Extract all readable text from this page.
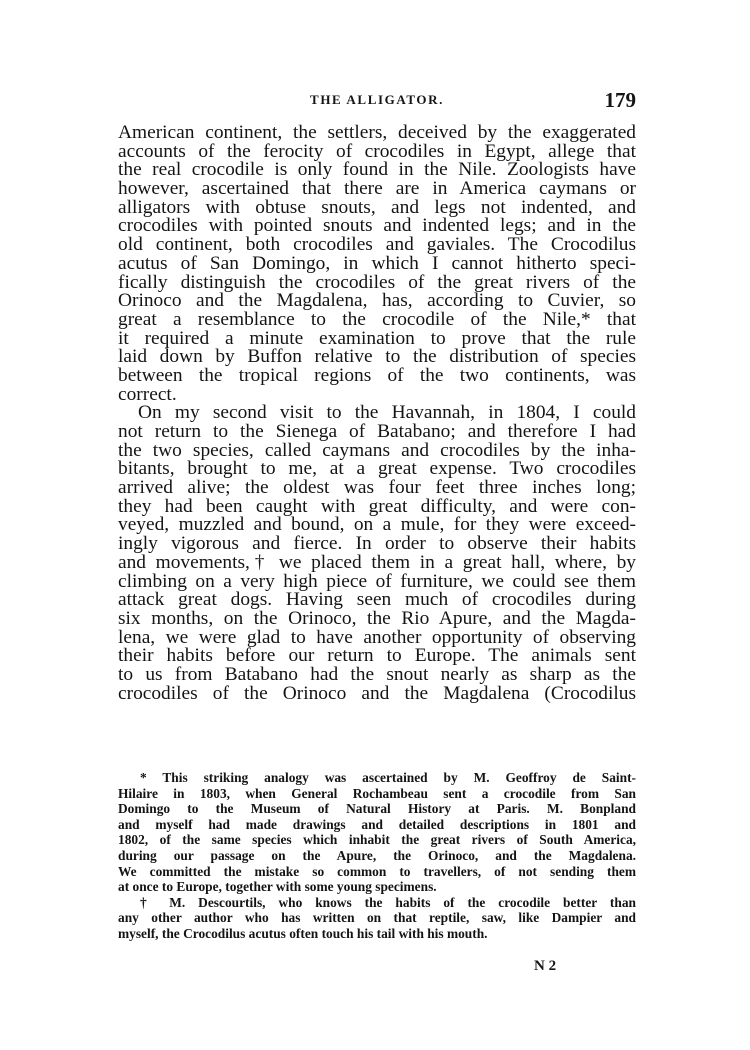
THE ALLIGATOR.	179
American continent, the settlers, deceived by the exaggerated
accounts of the ferocity of crocodiles in Egypt, allege that
the real crocodile is only found in the Nile. Zoologists have
however, ascertained that there are in America caymans or
alligators with obtuse snouts, and legs not indented, and
crocodiles with pointed snouts and indented legs; and in the
old continent, both crocodiles and gaviales. The Crocodilus
acutus of San Domingo, in which I cannot hitherto speci-
fically distinguish the crocodiles of the great rivers of the
Orinoco and the Magdalena, has, according to Cuvier, so
great a resemblance to the crocodile of the Nile,* that
it required a minute examination to prove that the rule
laid down by Buffon relative to the distribution of species
between the tropical regions of the two continents, was
correct.
On my second visit to the Havannah, in 1804, I could
not return to the Sienega of Batabano; and therefore I had
the two species, called caymans and crocodiles by the inha-
bitants, brought to me, at a great expense. Two crocodiles
arrived alive; the oldest was four feet three inches long;
they had been caught with great difficulty, and were con-
veyed, muzzled and bound, on a mule, for they were exceed-
ingly vigorous and fierce. In order to observe their habits
and movements,† we placed them in a great hall, where, by
climbing on a very high piece of furniture, we could see them
attack great dogs. Having seen much of crocodiles during
six months, on the Orinoco, the Rio Apure, and the Magda-
lena, we were glad to have another opportunity of observing
their habits before our return to Europe. The animals sent
to us from Batabano had the snout nearly as sharp as the
crocodiles of the Orinoco and the Magdalena (Crocodilus
* This striking analogy was ascertained by M. Geoffroy de Saint-
Hilaire in 1803, when General Rochambeau sent a crocodile from San
Domingo to the Museum of Natural History at Paris. M. Bonpland
and myself had made drawings and detailed descriptions in 1801 and
1802, of the same species which inhabit the great rivers of South America,
during our passage on the Apure, the Orinoco, and the Magdalena.
We committed the mistake so common to travellers, of not sending them
at once to Europe, together with some young specimens.
† M. Descourtils, who knows the habits of the crocodile better than
any other author who has written on that reptile, saw, like Dampier and
myself, the Crocodilus acutus often touch his tail with his mouth.
N 2
